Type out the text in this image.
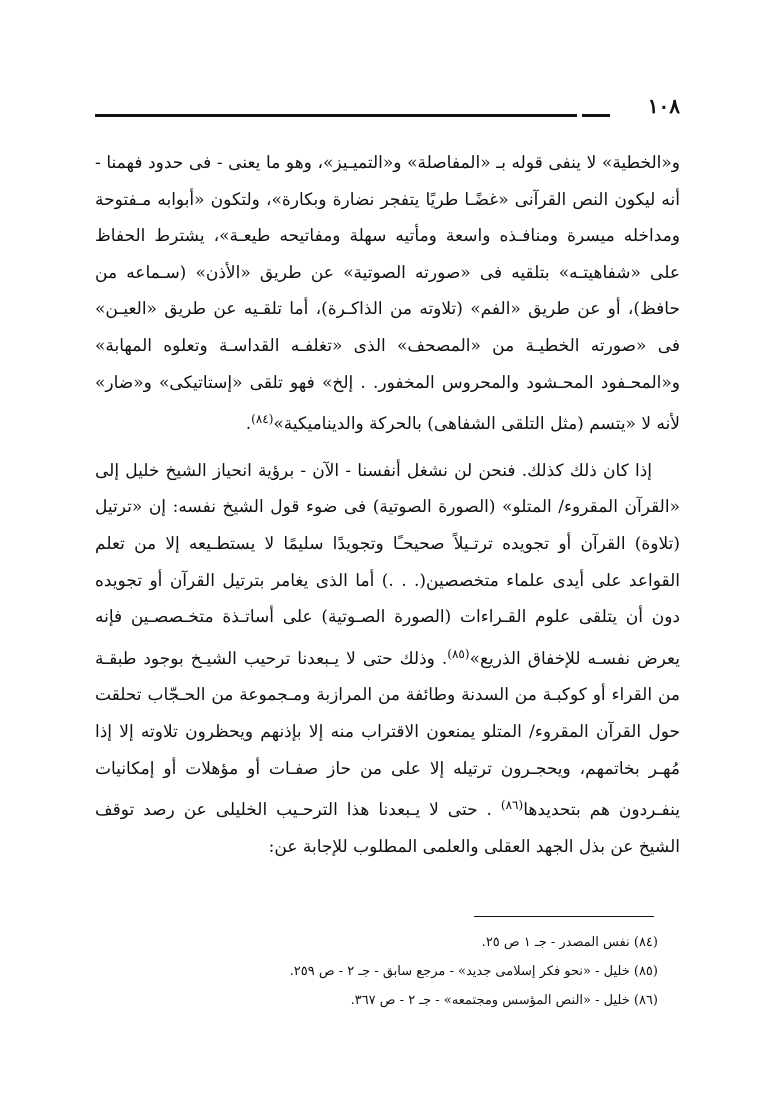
١٠٨

و«الخطية» لا ينفى قوله بـ «المفاصلة» و«التميـيز»، وهو ما يعنى - فى حدود فهمنا - أنه ليكون النص القرآنى «غضًـا طريًا يتفجر نضارة وبكارة»، ولتكون «أبوابه مـفتوحة ومداخله ميسرة ومنافـذه واسعة ومأتيه سهلة ومفاتيحه طيعـة»، يشترط الحفاظ على «شفاهيتـه» بتلقيه فى «صورته الصوتية» عن طريق «الأذن» (سـماعه من حافظ)، أو عن طريق «الفم» (تلاوته من الذاكـرة)، أما تلقـيه عن طريق «العيـن» فى «صورته الخطيـة من «المصحف» الذى «تغلفـه القداسـة وتعلوه المهابة» و«المحـفود المحـشود والمحروس المخفور. . إلخ» فهو تلقى «إستاتيكى» و«ضار» لأنه لا «يتسم (مثل التلقى الشفاهى) بالحركة والديناميكية»$^{(٨٤)}$.

إذا كان ذلك كذلك. فنحن لن نشغل أنفسنا - الآن - برؤية انحياز الشيخ خليل إلى «القرآن المقروء/ المتلو» (الصورة الصوتية) فى ضوء قول الشيخ نفسه: إن «ترتيل (تلاوة) القرآن أو تجويده ترتـيلاً صحيحـًا وتجويدًا سليمًا لا يستطـيعه إلا من تعلم القواعد على أيدى علماء متخصصين(. . .) أما الذى يغامر بترتيل القرآن أو تجويده دون أن يتلقى علوم القـراءات (الصورة الصـوتية) على أساتـذة متخـصصـين فإنه يعرض نفسـه للإخفاق الذريع»$^{(٨٥)}$. وذلك حتى لا يـبعدنا ترحيب الشيـخ بوجود طبقـة من القراء أو كوكبـة من السدنة وطائفة من المرازبة ومـجموعة من الحـجّاب تحلقت حول القرآن المقروء/ المتلو يمنعون الاقتراب منه إلا بإذنهم ويحظرون تلاوته إلا إذا مُهـر بخاتمهم، ويحجـرون ترتيله إلا على من حاز صفـات أو مؤهلات أو إمكانيات ينفـردون هم بتحديدها$^{(٨٦)}$ . حتى لا يـبعدنا هذا الترحـيب الخليلى عن رصد توقف الشيخ عن بذل الجهد العقلى والعلمى المطلوب للإجابة عن:

(٨٤) نفس المصدر - جـ ١ ص ٢٥.

(٨٥) خليل - «نحو فكر إسلامى جديد» - مرجع سابق - جـ ٢ - ص ٢٥٩.

(٨٦) خليل - «النص المؤسس ومجتمعه» - جـ ٢ - ص ٣٦٧.
